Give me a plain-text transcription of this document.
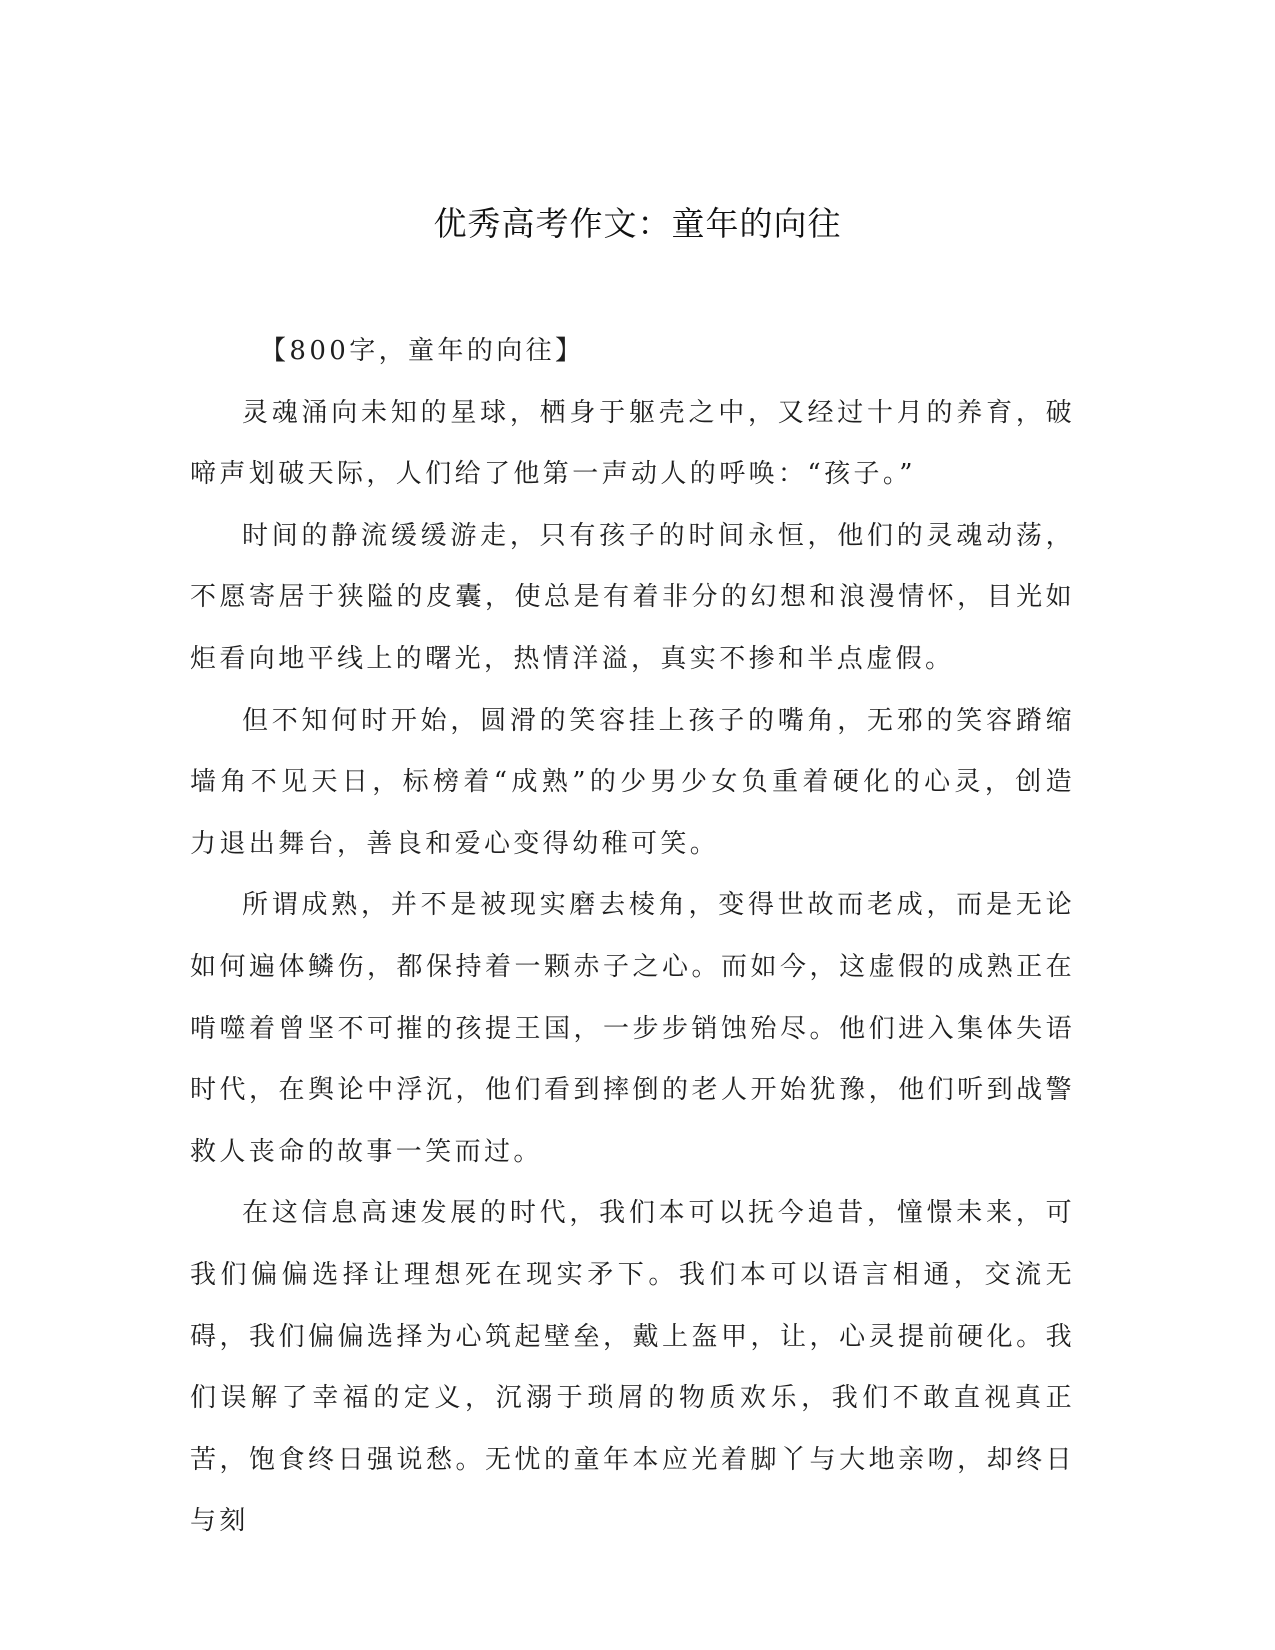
优秀高考作文：童年的向往

【800字，童年的向往】

灵魂涌向未知的星球，栖身于躯壳之中，又经过十月的养育，破啼声划破天际，人们给了他第一声动人的呼唤：“孩子。”

时间的静流缓缓游走，只有孩子的时间永恒，他们的灵魂动荡，不愿寄居于狭隘的皮囊，使总是有着非分的幻想和浪漫情怀，目光如炬看向地平线上的曙光，热情洋溢，真实不掺和半点虚假。

但不知何时开始，圆滑的笑容挂上孩子的嘴角，无邪的笑容蹐缩墙角不见天日，标榜着“成熟”的少男少女负重着硬化的心灵，创造力退出舞台，善良和爱心变得幼稚可笑。

所谓成熟，并不是被现实磨去棱角，变得世故而老成，而是无论如何遍体鳞伤，都保持着一颗赤子之心。而如今，这虚假的成熟正在啃噬着曾坚不可摧的孩提王国，一步步销蚀殆尽。他们进入集体失语时代，在舆论中浮沉，他们看到摔倒的老人开始犹豫，他们听到战警救人丧命的故事一笑而过。

在这信息高速发展的时代，我们本可以抚今追昔，憧憬未来，可我们偏偏选择让理想死在现实矛下。我们本可以语言相通，交流无碍，我们偏偏选择为心筑起壁垒，戴上盔甲，让，心灵提前硬化。我们误解了幸福的定义，沉溺于琐屑的物质欢乐，我们不敢直视真正苦，饱食终日强说愁。无忧的童年本应光着脚丫与大地亲吻，却终日与刻
